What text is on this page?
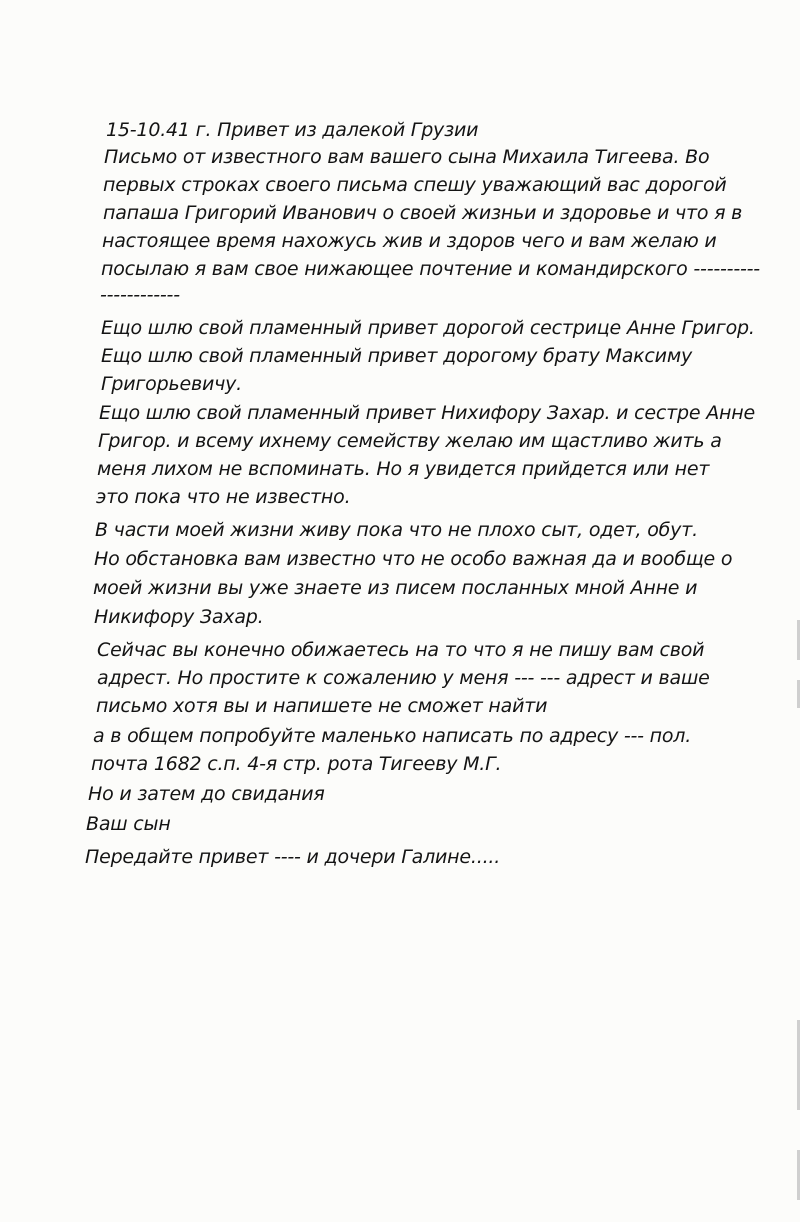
15-10.41 г. Привет из далекой Грузии
Письмо от известного вам вашего сына Михаила Тигеева. Во
первых строках своего письма спешу уважающий вас дорогой
папаша Григорий Иванович о своей жизньи и здоровье и что я в
настоящее время нахожусь жив и здоров чего и вам желаю и
посылаю я вам свое нижающее почтение и командирского ----------
------------
Ещо шлю свой пламенный привет дорогой сестрице Анне Григор.
Ещо шлю свой пламенный привет дорогому брату Максиму
Григорьевичу.
Ещо шлю свой пламенный привет Нихифору Захар. и сестре Анне
Григор. и всему ихнему семейству желаю им щастливо жить а
меня лихом не вспоминать. Но я увидется прийдется или нет
это пока что не известно.
В части моей жизни живу пока что не плохо сыт, одет, обут.
Но обстановка вам известно что не особо важная да и вообще о
моей жизни вы уже знаете из писем посланных мной Анне и
Никифору Захар.
Сейчас вы конечно обижаетесь на то что я не пишу вам свой
адрест. Но простите к сожалению у меня --- --- адрест и ваше
письмо хотя вы и напишете не сможет найти
а в общем попробуйте маленько написать по адресу --- пол.
почта 1682 с.п. 4-я стр. рота Тигееву М.Г.
Но и затем до свидания
Ваш сын
Передайте привет ---- и дочери Галине.....
